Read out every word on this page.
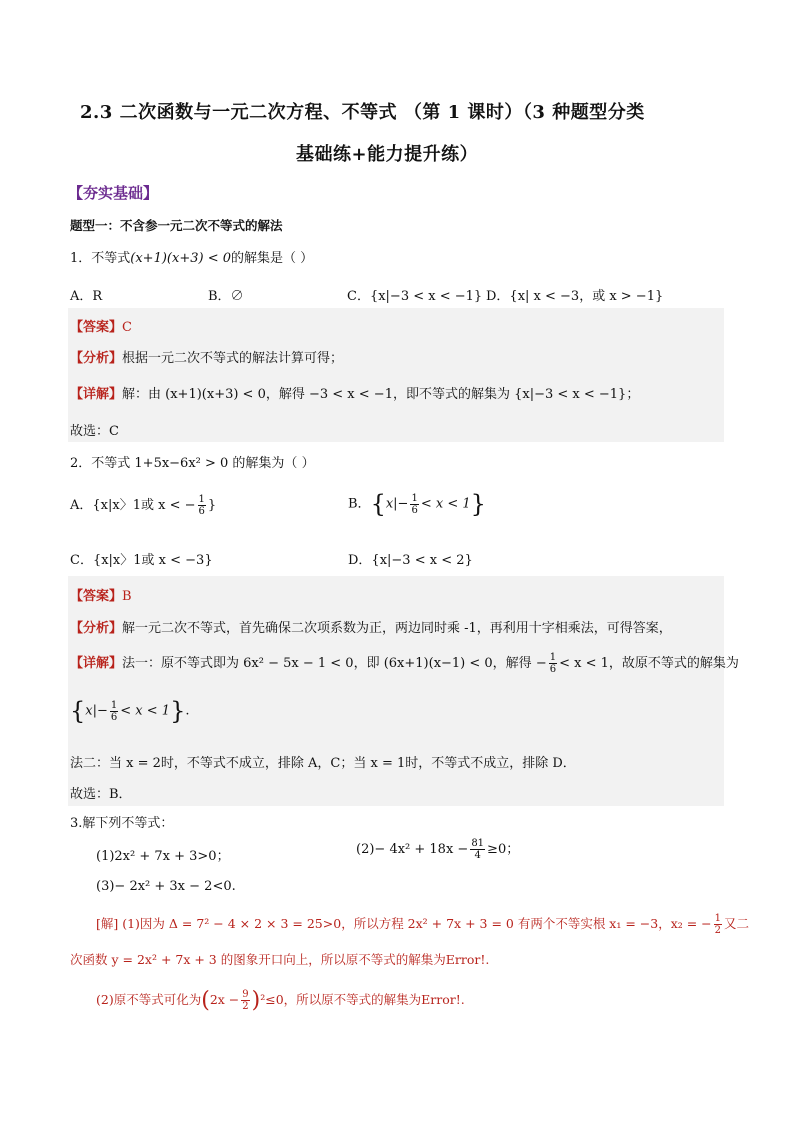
2.3 二次函数与一元二次方程、不等式 （第 1 课时）（3 种题型分类
基础练+能力提升练）
【夯实基础】
题型一：不含参一元二次不等式的解法
1．不等式(x+1)(x+3) < 0的解集是（ ）
A．R	B．∅	C．{x|−3 < x < −1} D．{x| x < −3，或 x > −1}
【答案】C
【分析】根据一元二次不等式的解法计算可得；
【详解】解：由 (x+1)(x+3) < 0，解得 −3 < x < −1，即不等式的解集为 {x|−3 < x < −1}；
故选：C
2．不等式 1+5x−6x² > 0 的解集为（ ）
A．{x|x〉1或 x < − $\frac{1}{6}$ }	B．$\{x|- \frac{1}{6} < x < 1\}$
C．{x|x〉1或 x < −3}	D．{x|−3 < x < 2}
【答案】B
【分析】解一元二次不等式，首先确保二次项系数为正，两边同时乘 -1，再利用十字相乘法，可得答案，
【详解】法一：原不等式即为 6x² − 5x − 1 < 0，即 (6x+1)(x−1) < 0，解得 − $\frac{1}{6} < x < 1$，故原不等式的解集为
$\{x|- \frac{1}{6} < x < 1\}$.
法二：当 x = 2时，不等式不成立，排除 A，C；当 x = 1时，不等式不成立，排除 D．
故选：B．
3.解下列不等式：
(1)2x² + 7x + 3>0；	$(2)- 4x^2 + 18x - \frac{81}{4} \ge 0$；
(3)− 2x² + 3x − 2<0.
[解] (1)因为 Δ = 7² − 4 × 2 × 3 = 25>0，所以方程 2x² + 7x + 3 = 0 有两个不等实根 x₁ = −3，x₂ = − $\frac{1}{2}$ 又二
次函数 y = 2x² + 7x + 3 的图象开口向上，所以原不等式的解集为Error!.
(2)原不等式可化为$(2x - \frac{9}{2} )^2\le 0$，所以原不等式的解集为Error!.
